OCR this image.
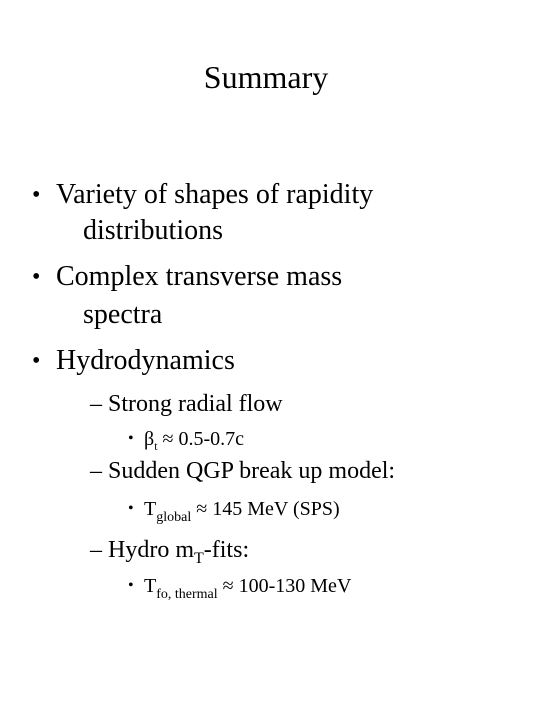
Summary
• Variety of shapes of rapidity
distributions
• Complex transverse mass
spectra
• Hydrodynamics
– Strong radial flow
• $\beta_t \approx 0.5-0.7c$
– Sudden QGP break up model:
• $T_{global} \approx 145$ MeV (SPS)
– Hydro $m_T$-fits:
• $T_{fo, thermal} \approx 100-130$ MeV
